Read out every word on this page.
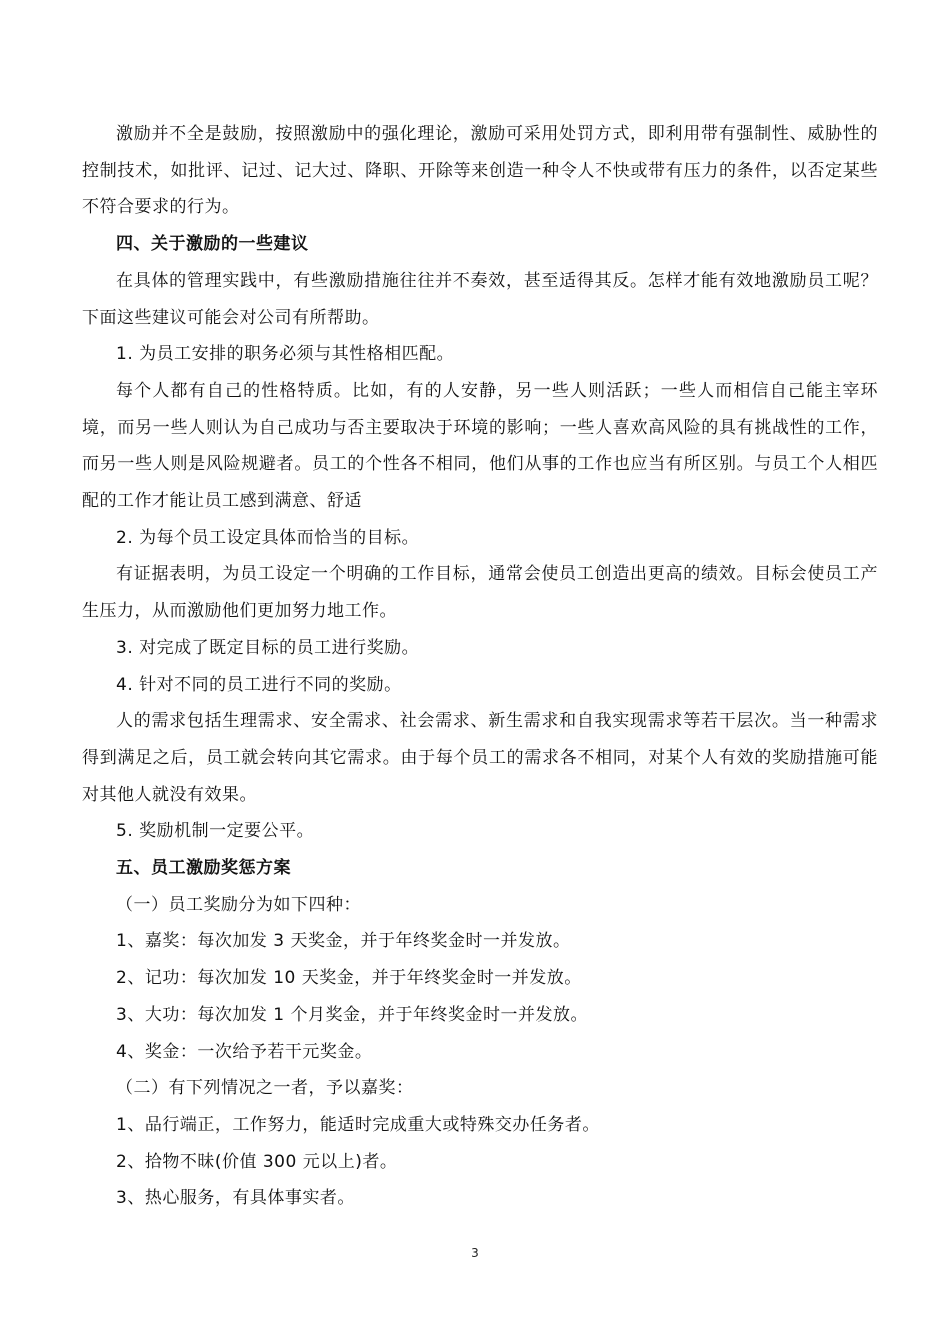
激励并不全是鼓励，按照激励中的强化理论，激励可采用处罚方式，即利用带有强制性、威胁性的控制技术，如批评、记过、记大过、降职、开除等来创造一种令人不快或带有压力的条件，以否定某些不符合要求的行为。

四、关于激励的一些建议

在具体的管理实践中，有些激励措施往往并不奏效，甚至适得其反。怎样才能有效地激励员工呢？下面这些建议可能会对公司有所帮助。

1. 为员工安排的职务必须与其性格相匹配。

每个人都有自己的性格特质。比如，有的人安静，另一些人则活跃；一些人而相信自己能主宰环境，而另一些人则认为自己成功与否主要取决于环境的影响；一些人喜欢高风险的具有挑战性的工作，而另一些人则是风险规避者。员工的个性各不相同，他们从事的工作也应当有所区别。与员工个人相匹配的工作才能让员工感到满意、舒适

2. 为每个员工设定具体而恰当的目标。

有证据表明，为员工设定一个明确的工作目标，通常会使员工创造出更高的绩效。目标会使员工产生压力，从而激励他们更加努力地工作。

3. 对完成了既定目标的员工进行奖励。

4. 针对不同的员工进行不同的奖励。

人的需求包括生理需求、安全需求、社会需求、新生需求和自我实现需求等若干层次。当一种需求得到满足之后，员工就会转向其它需求。由于每个员工的需求各不相同，对某个人有效的奖励措施可能对其他人就没有效果。

5. 奖励机制一定要公平。

五、员工激励奖惩方案

（一）员工奖励分为如下四种：

1、嘉奖：每次加发 3 天奖金，并于年终奖金时一并发放。

2、记功：每次加发 10 天奖金，并于年终奖金时一并发放。

3、大功：每次加发 1 个月奖金，并于年终奖金时一并发放。

4、奖金：一次给予若干元奖金。

（二）有下列情况之一者，予以嘉奖：

1、品行端正，工作努力，能适时完成重大或特殊交办任务者。

2、拾物不昧(价值 300 元以上)者。

3、热心服务，有具体事实者。

3
